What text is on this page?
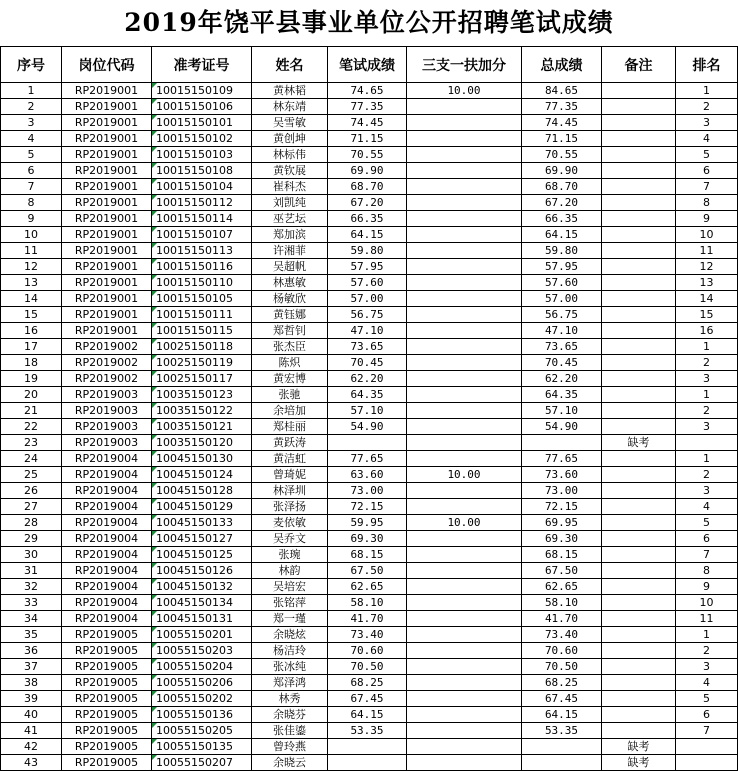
2019年饶平县事业单位公开招聘笔试成绩
序号	岗位代码	准考证号	姓名	笔试成绩	三支一扶加分	总成绩	备注	排名
1	RP2019001	10015150109	黄林韬	74.65	10.00	84.65		1
2	RP2019001	10015150106	林东靖	77.35		77.35		2
3	RP2019001	10015150101	吴雪敏	74.45		74.45		3
4	RP2019001	10015150102	黄创坤	71.15		71.15		4
5	RP2019001	10015150103	林标伟	70.55		70.55		5
6	RP2019001	10015150108	黄钦展	69.90		69.90		6
7	RP2019001	10015150104	崔科杰	68.70		68.70		7
8	RP2019001	10015150112	刘凯纯	67.20		67.20		8
9	RP2019001	10015150114	巫艺坛	66.35		66.35		9
10	RP2019001	10015150107	郑加滨	64.15		64.15		10
11	RP2019001	10015150113	许湘菲	59.80		59.80		11
12	RP2019001	10015150116	吴超帆	57.95		57.95		12
13	RP2019001	10015150110	林惠敏	57.60		57.60		13
14	RP2019001	10015150105	杨敏欣	57.00		57.00		14
15	RP2019001	10015150111	黄钰娜	56.75		56.75		15
16	RP2019001	10015150115	郑哲钊	47.10		47.10		16
17	RP2019002	10025150118	张杰臣	73.65		73.65		1
18	RP2019002	10025150119	陈炽	70.45		70.45		2
19	RP2019002	10025150117	黄宏博	62.20		62.20		3
20	RP2019003	10035150123	张驰	64.35		64.35		1
21	RP2019003	10035150122	余培加	57.10		57.10		2
22	RP2019003	10035150121	郑桂丽	54.90		54.90		3
23	RP2019003	10035150120	黄跃涛				缺考	
24	RP2019004	10045150130	黄洁虹	77.65		77.65		1
25	RP2019004	10045150124	曾琦妮	63.60	10.00	73.60		2
26	RP2019004	10045150128	林泽圳	73.00		73.00		3
27	RP2019004	10045150129	张泽扬	72.15		72.15		4
28	RP2019004	10045150133	麦依敏	59.95	10.00	69.95		5
29	RP2019004	10045150127	吴乔文	69.30		69.30		6
30	RP2019004	10045150125	张琬	68.15		68.15		7
31	RP2019004	10045150126	林韵	67.50		67.50		8
32	RP2019004	10045150132	吴培宏	62.65		62.65		9
33	RP2019004	10045150134	张铭萍	58.10		58.10		10
34	RP2019004	10045150131	郑一瑾	41.70		41.70		11
35	RP2019005	10055150201	余晓炫	73.40		73.40		1
36	RP2019005	10055150203	杨洁玲	70.60		70.60		2
37	RP2019005	10055150204	张冰纯	70.50		70.50		3
38	RP2019005	10055150206	郑泽鸿	68.25		68.25		4
39	RP2019005	10055150202	林秀	67.45		67.45		5
40	RP2019005	10055150136	余晓芬	64.15		64.15		6
41	RP2019005	10055150205	张佳鎏	53.35		53.35		7
42	RP2019005	10055150135	曾玲燕				缺考	
43	RP2019005	10055150207	余晓云				缺考	
